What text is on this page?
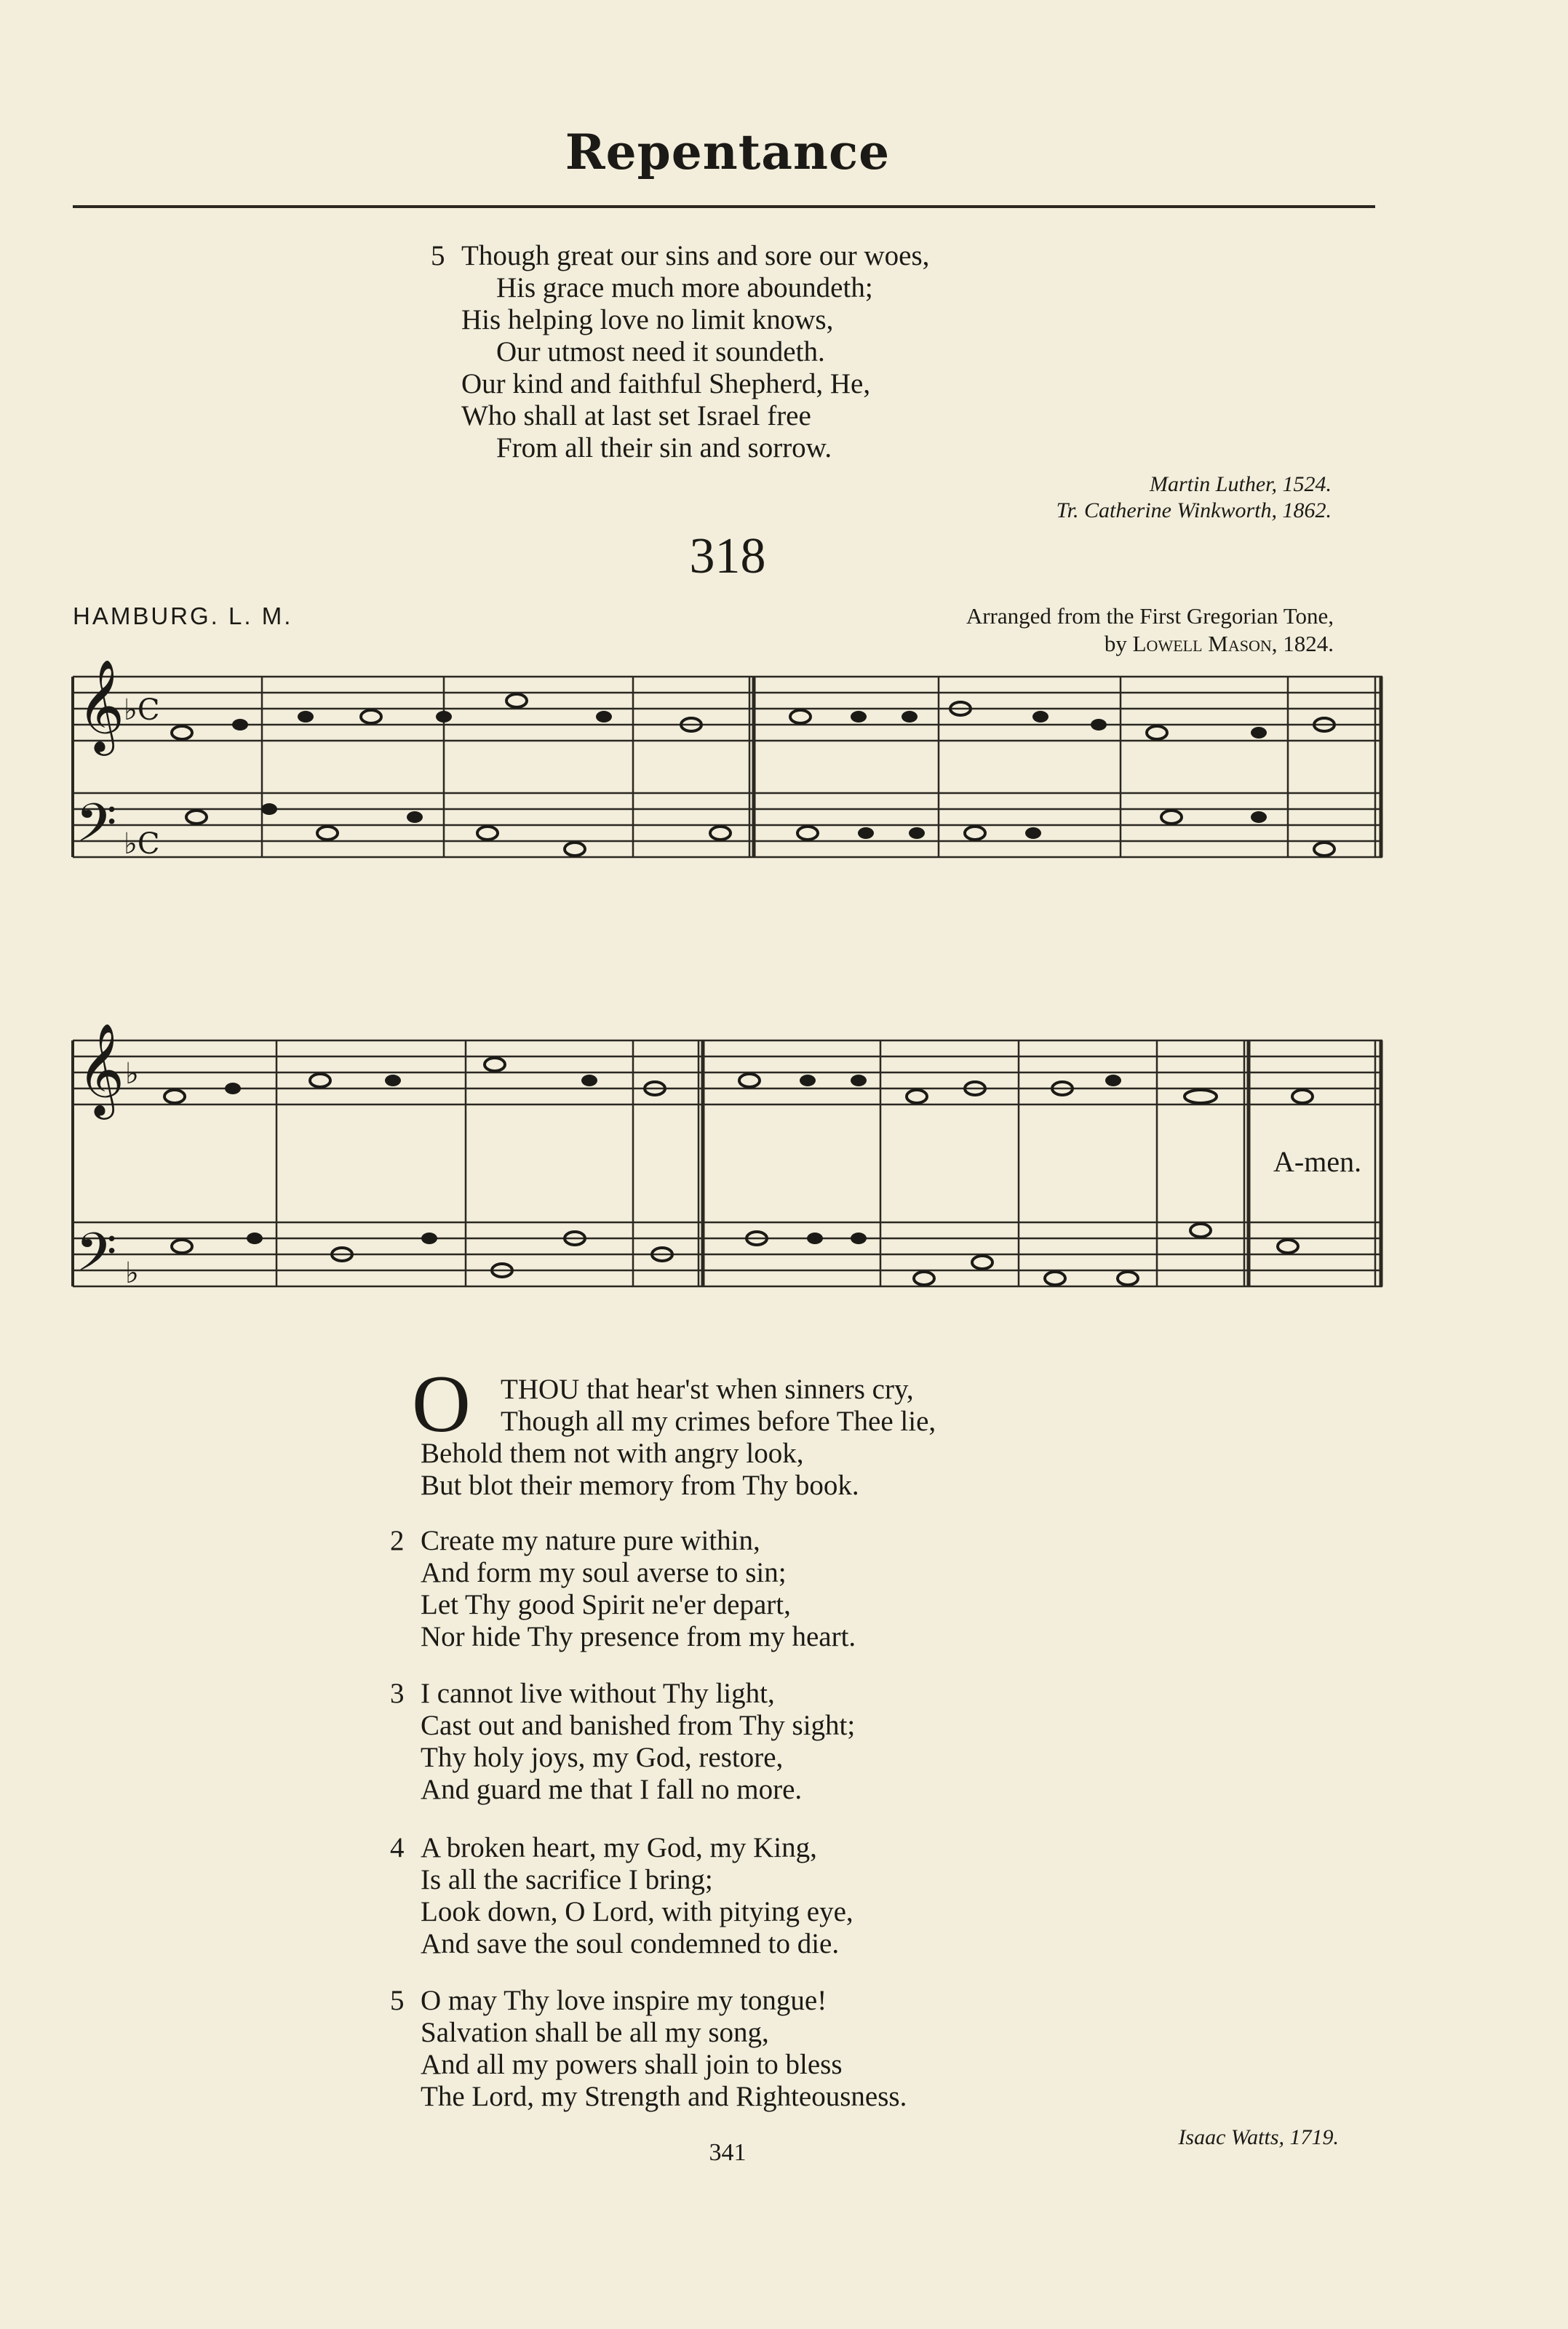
Repentance
5 Though great our sins and sore our woes,
His grace much more aboundeth;
His helping love no limit knows,
Our utmost need it soundeth.
Our kind and faithful Shepherd, He,
Who shall at last set Israel free
From all their sin and sorrow.
Martin Luther, 1524.
Tr. Catherine Winkworth, 1862.
318
HAMBURG. L. M.	Arranged from the First Gregorian Tone,
by Lowell Mason, 1824.
𝄞
𝄢
♭C
♭C
𝄞
𝄢
♭
♭
A-men.
O	THOU that hear'st when sinners cry,
Though all my crimes before Thee lie,
Behold them not with angry look,
But blot their memory from Thy book.
2 Create my nature pure within,
And form my soul averse to sin;
Let Thy good Spirit ne'er depart,
Nor hide Thy presence from my heart.
3 I cannot live without Thy light,
Cast out and banished from Thy sight;
Thy holy joys, my God, restore,
And guard me that I fall no more.
4 A broken heart, my God, my King,
Is all the sacrifice I bring;
Look down, O Lord, with pitying eye,
And save the soul condemned to die.
5 O may Thy love inspire my tongue!
Salvation shall be all my song,
And all my powers shall join to bless
The Lord, my Strength and Righteousness.
Isaac Watts, 1719.
341
